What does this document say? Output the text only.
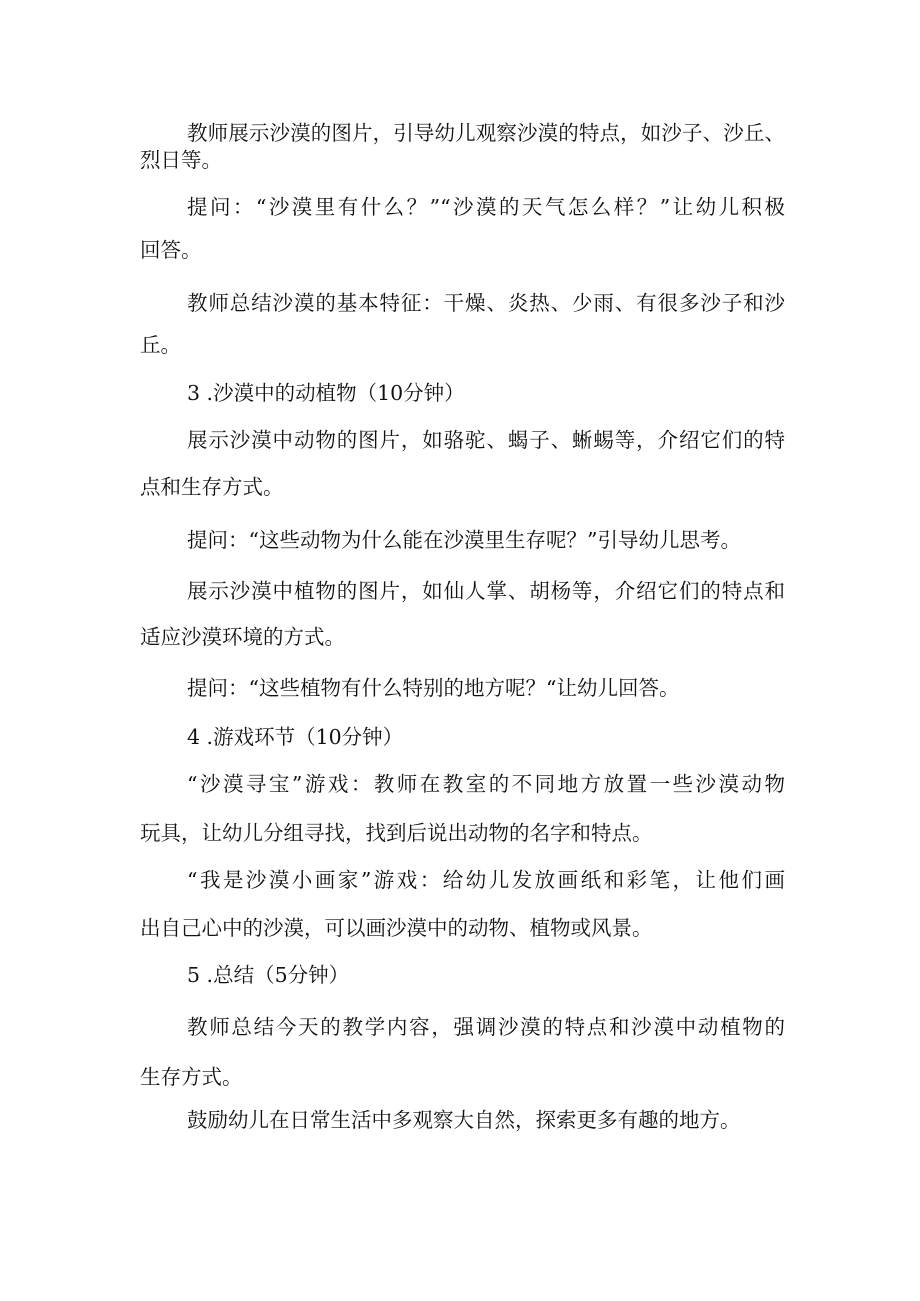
教师展示沙漠的图片，引导幼儿观察沙漠的特点，如沙子、沙丘、
烈日等。
提问：“沙漠里有什么？”“沙漠的天气怎么样？”让幼儿积极
回答。
教师总结沙漠的基本特征：干燥、炎热、少雨、有很多沙子和沙
丘。
3 .沙漠中的动植物（10分钟）
展示沙漠中动物的图片，如骆驼、蝎子、蜥蜴等，介绍它们的特
点和生存方式。
提问：“这些动物为什么能在沙漠里生存呢？”引导幼儿思考。
展示沙漠中植物的图片，如仙人掌、胡杨等，介绍它们的特点和
适应沙漠环境的方式。
提问：“这些植物有什么特别的地方呢？“让幼儿回答。
4 .游戏环节（10分钟）
“沙漠寻宝”游戏：教师在教室的不同地方放置一些沙漠动物
玩具，让幼儿分组寻找，找到后说出动物的名字和特点。
“我是沙漠小画家”游戏：给幼儿发放画纸和彩笔，让他们画
出自己心中的沙漠，可以画沙漠中的动物、植物或风景。
5 .总结（5分钟）
教师总结今天的教学内容，强调沙漠的特点和沙漠中动植物的
生存方式。
鼓励幼儿在日常生活中多观察大自然，探索更多有趣的地方。
